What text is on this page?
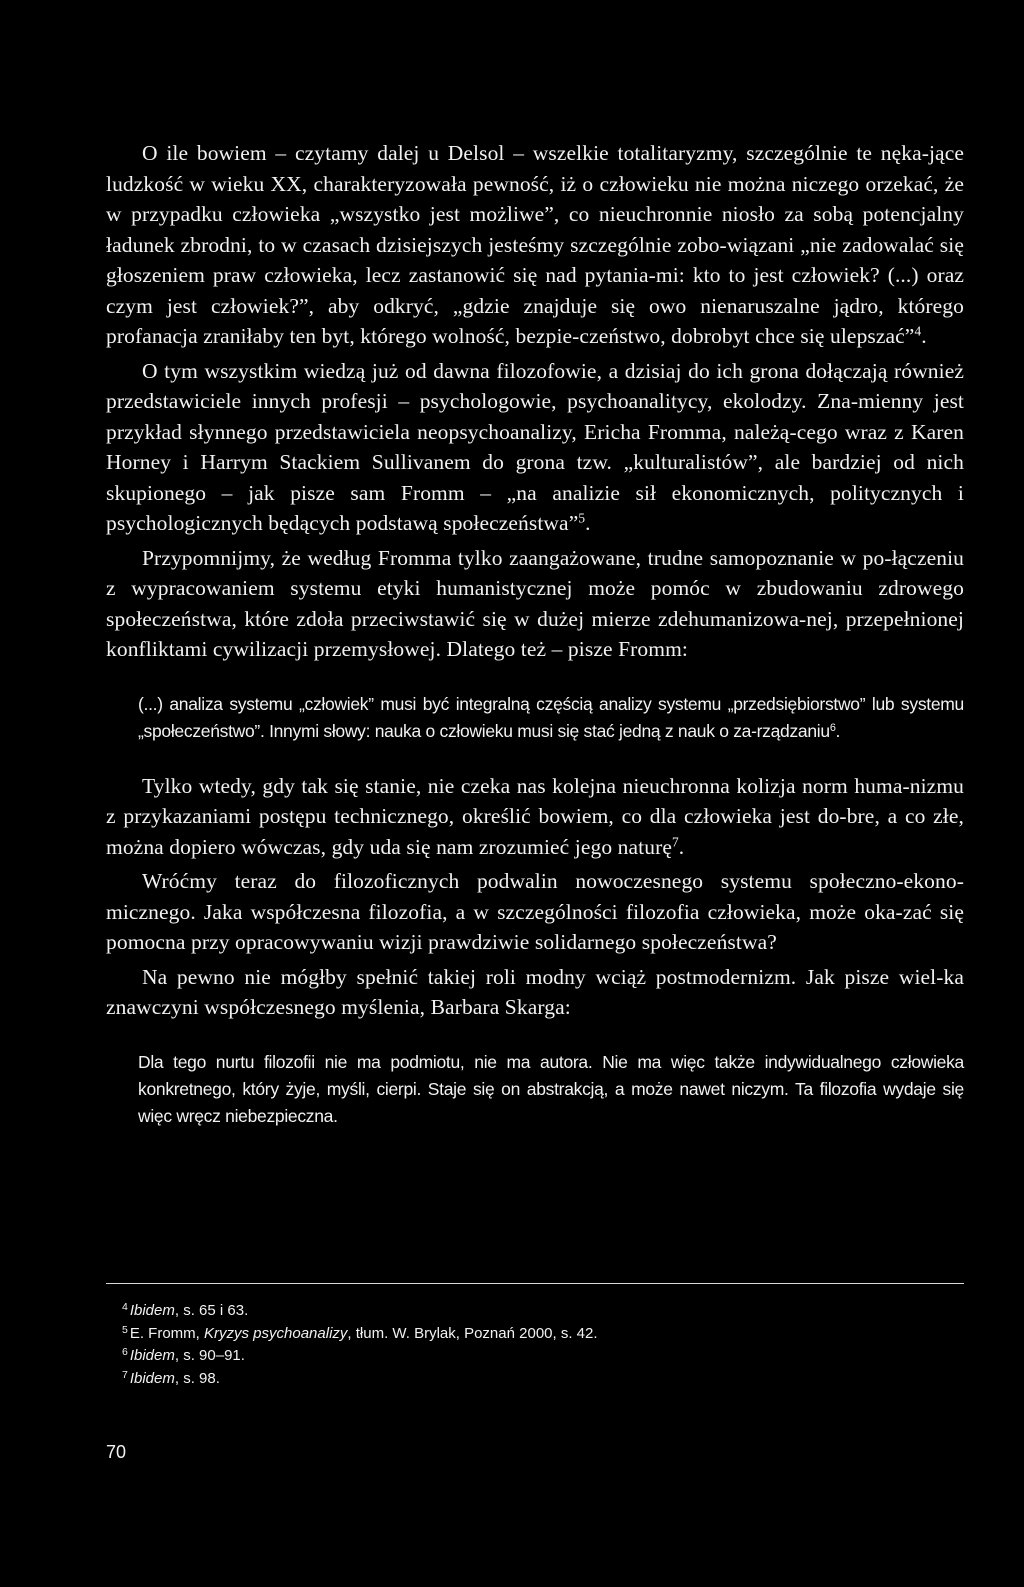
O ile bowiem – czytamy dalej u Delsol – wszelkie totalitaryzmy, szczególnie te nęka-jące ludzkość w wieku XX, charakteryzowała pewność, iż o człowieku nie można niczego orzekać, że w przypadku człowieka „wszystko jest możliwe”, co nieuchronnie niosło za sobą potencjalny ładunek zbrodni, to w czasach dzisiejszych jesteśmy szczególnie zobo-wiązani „nie zadowalać się głoszeniem praw człowieka, lecz zastanowić się nad pytania-mi: kto to jest człowiek? (...) oraz czym jest człowiek?”, aby odkryć, „gdzie znajduje się owo nienaruszalne jądro, którego profanacja zraniłaby ten byt, którego wolność, bezpie-czeństwo, dobrobyt chce się ulepszać”$^4$.

O tym wszystkim wiedzą już od dawna filozofowie, a dzisiaj do ich grona dołączają również przedstawiciele innych profesji – psychologowie, psychoanalitycy, ekolodzy. Zna-mienny jest przykład słynnego przedstawiciela neopsychoanalizy, Ericha Fromma, należą-cego wraz z Karen Horney i Harrym Stackiem Sullivanem do grona tzw. „kulturalistów”, ale bardziej od nich skupionego – jak pisze sam Fromm – „na analizie sił ekonomicznych, politycznych i psychologicznych będących podstawą społeczeństwa”$^5$.

Przypomnijmy, że według Fromma tylko zaangażowane, trudne samopoznanie w po-łączeniu z wypracowaniem systemu etyki humanistycznej może pomóc w zbudowaniu zdrowego społeczeństwa, które zdoła przeciwstawić się w dużej mierze zdehumanizowa-nej, przepełnionej konfliktami cywilizacji przemysłowej. Dlatego też – pisze Fromm:

(...) analiza systemu „człowiek” musi być integralną częścią analizy systemu „przedsiębiorstwo” lub systemu „społeczeństwo”. Innymi słowy: nauka o człowieku musi się stać jedną z nauk o za-rządzaniu$^6$.

Tylko wtedy, gdy tak się stanie, nie czeka nas kolejna nieuchronna kolizja norm huma-nizmu z przykazaniami postępu technicznego, określić bowiem, co dla człowieka jest do-bre, a co złe, można dopiero wówczas, gdy uda się nam zrozumieć jego naturę$^7$.

Wróćmy teraz do filozoficznych podwalin nowoczesnego systemu społeczno-ekono-micznego. Jaka współczesna filozofia, a w szczególności filozofia człowieka, może oka-zać się pomocna przy opracowywaniu wizji prawdziwie solidarnego społeczeństwa?

Na pewno nie mógłby spełnić takiej roli modny wciąż postmodernizm. Jak pisze wiel-ka znawczyni współczesnego myślenia, Barbara Skarga:

Dla tego nurtu filozofii nie ma podmiotu, nie ma autora. Nie ma więc także indywidualnego człowieka konkretnego, który żyje, myśli, cierpi. Staje się on abstrakcją, a może nawet niczym. Ta filozofia wydaje się więc wręcz niebezpieczna.

$^4$ Ibidem, s. 65 i 63.

$^5$ E. Fromm, Kryzys psychoanalizy, tłum. W. Brylak, Poznań 2000, s. 42.

$^6$ Ibidem, s. 90–91.

$^7$ Ibidem, s. 98.

70
